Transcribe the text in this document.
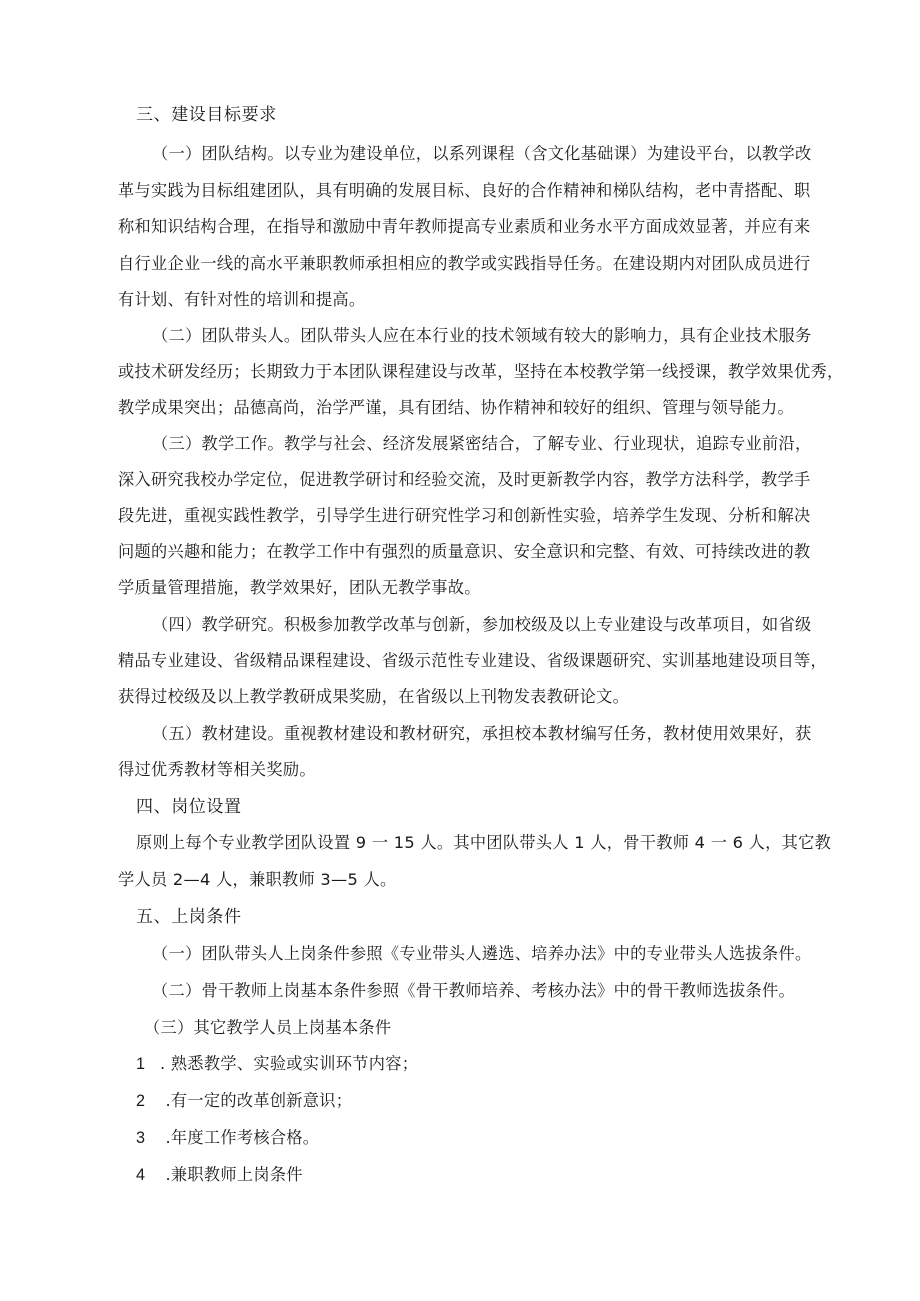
三、建设目标要求
（一）团队结构。以专业为建设单位，以系列课程（含文化基础课）为建设平台，以教学改
革与实践为目标组建团队，具有明确的发展目标、良好的合作精神和梯队结构，老中青搭配、职
称和知识结构合理，在指导和激励中青年教师提高专业素质和业务水平方面成效显著，并应有来
自行业企业一线的高水平兼职教师承担相应的教学或实践指导任务。在建设期内对团队成员进行
有计划、有针对性的培训和提高。
（二）团队带头人。团队带头人应在本行业的技术领域有较大的影响力，具有企业技术服务
或技术研发经历；长期致力于本团队课程建设与改革，坚持在本校教学第一线授课，教学效果优秀，
教学成果突出；品德高尚，治学严谨，具有团结、协作精神和较好的组织、管理与领导能力。
（三）教学工作。教学与社会、经济发展紧密结合，了解专业、行业现状，追踪专业前沿，
深入研究我校办学定位，促进教学研讨和经验交流，及时更新教学内容，教学方法科学，教学手
段先进，重视实践性教学，引导学生进行研究性学习和创新性实验，培养学生发现、分析和解决
问题的兴趣和能力；在教学工作中有强烈的质量意识、安全意识和完整、有效、可持续改进的教
学质量管理措施，教学效果好，团队无教学事故。
（四）教学研究。积极参加教学改革与创新，参加校级及以上专业建设与改革项目，如省级
精品专业建设、省级精品课程建设、省级示范性专业建设、省级课题研究、实训基地建设项目等，
获得过校级及以上教学教研成果奖励，在省级以上刊物发表教研论文。
（五）教材建设。重视教材建设和教材研究，承担校本教材编写任务，教材使用效果好，获
得过优秀教材等相关奖励。
四、岗位设置
原则上每个专业教学团队设置 9 一 15 人。其中团队带头人 1 人，骨干教师 4 一 6 人，其它教
学人员 2—4 人，兼职教师 3—5 人。
五、上岗条件
（一）团队带头人上岗条件参照《专业带头人遴选、培养办法》中的专业带头人选拔条件。
（二）骨干教师上岗基本条件参照《骨干教师培养、考核办法》中的骨干教师选拔条件。
（三）其它教学人员上岗基本条件
1 . 熟悉教学、实验或实训环节内容；
2 .有一定的改革创新意识；
3 .年度工作考核合格。
4 .兼职教师上岗条件
